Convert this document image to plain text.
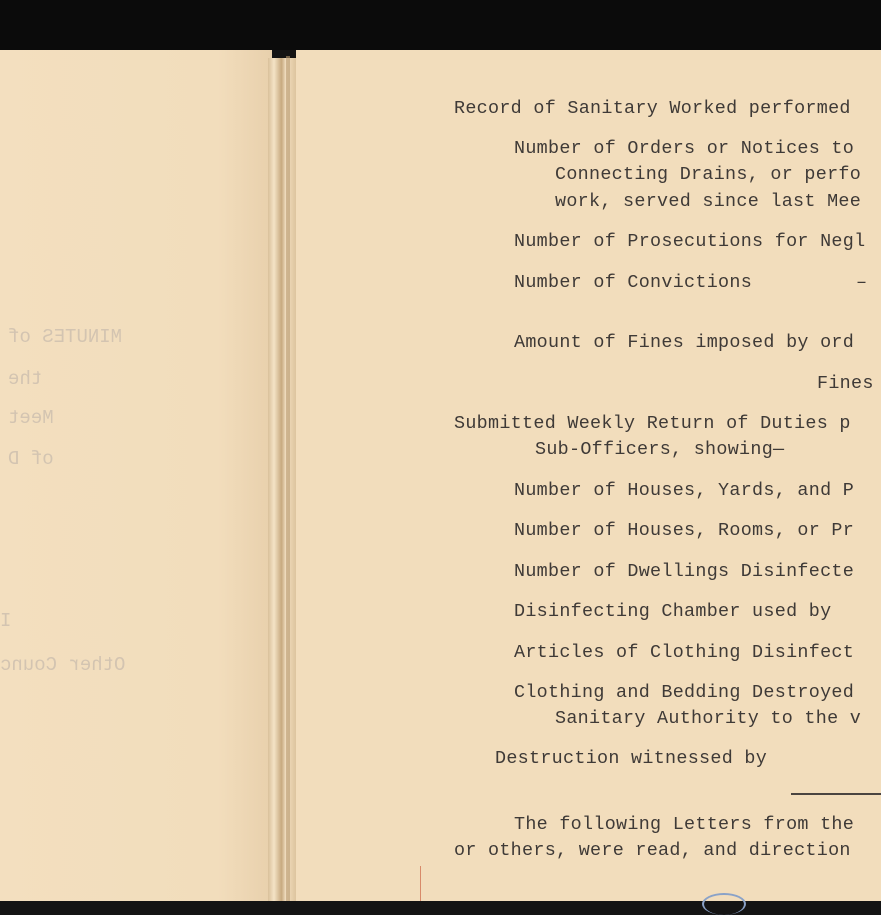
MINUTES of
the
Meet
of D
I
Other Counc
Record of Sanitary Worked performed
Number of Orders or Notices to
Connecting Drains, or perfo
work, served since last Mee
Number of Prosecutions for Negl
Number of Convictions	–
Amount of Fines imposed by ord
Fines
Submitted Weekly Return of Duties p
Sub-Officers, showing—
Number of Houses, Yards, and P
Number of Houses, Rooms, or Pr
Number of Dwellings Disinfecte
Disinfecting Chamber used by
Articles of Clothing Disinfect
Clothing and Bedding Destroyed
Sanitary Authority to the v
Destruction witnessed by
The following Letters from the
or others, were read, and direction
